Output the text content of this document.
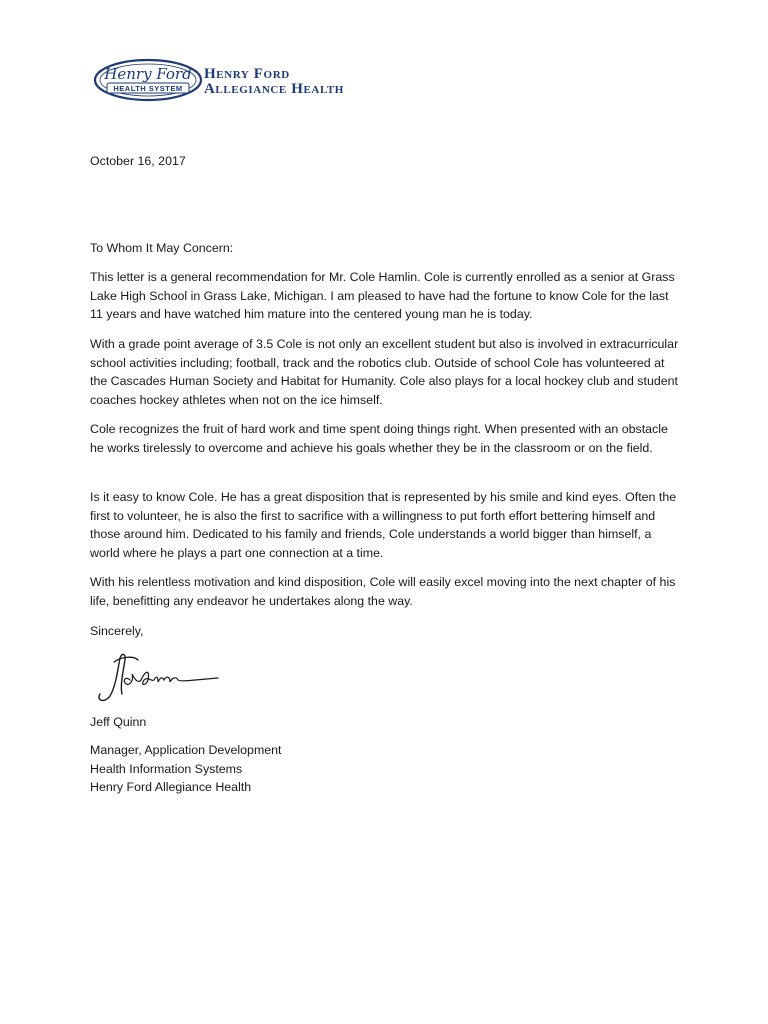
Henry Ford
HEALTH SYSTEM
Henry Ford
Allegiance Health
October 16, 2017
To Whom It May Concern:
This letter is a general recommendation for Mr. Cole Hamlin. Cole is currently enrolled as a senior at Grass Lake High School in Grass Lake, Michigan. I am pleased to have had the fortune to know Cole for the last 11 years and have watched him mature into the centered young man he is today.
With a grade point average of 3.5 Cole is not only an excellent student but also is involved in extracurricular school activities including; football, track and the robotics club. Outside of school Cole has volunteered at the Cascades Human Society and Habitat for Humanity. Cole also plays for a local hockey club and student coaches hockey athletes when not on the ice himself.
Cole recognizes the fruit of hard work and time spent doing things right. When presented with an obstacle he works tirelessly to overcome and achieve his goals whether they be in the classroom or on the field.
Is it easy to know Cole. He has a great disposition that is represented by his smile and kind eyes. Often the first to volunteer, he is also the first to sacrifice with a willingness to put forth effort bettering himself and those around him. Dedicated to his family and friends, Cole understands a world bigger than himself, a world where he plays a part one connection at a time.
With his relentless motivation and kind disposition, Cole will easily excel moving into the next chapter of his life, benefitting any endeavor he undertakes along the way.
Sincerely,
Jeff Quinn
Manager, Application Development
Health Information Systems
Henry Ford Allegiance Health
